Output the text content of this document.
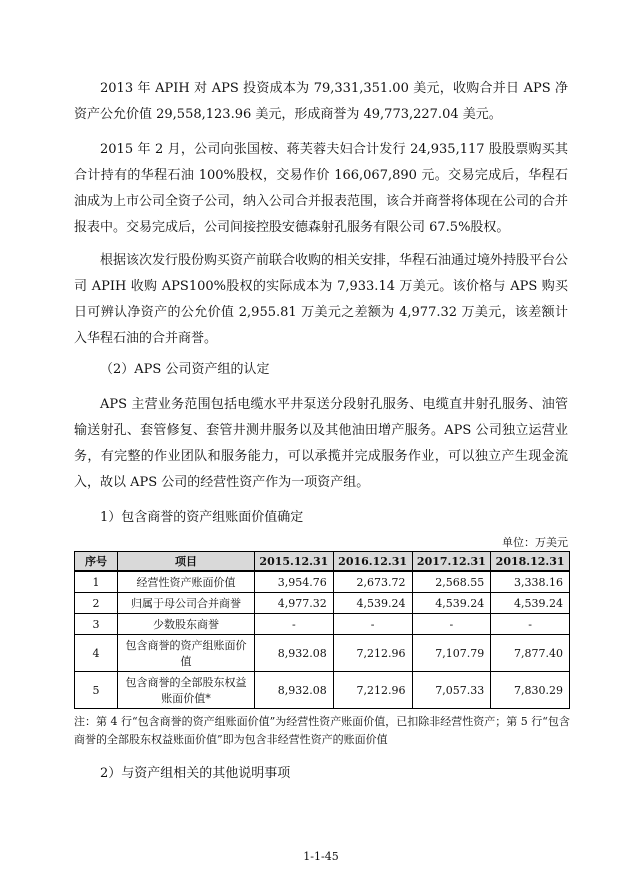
2013 年 APIH 对 APS 投资成本为 79,331,351.00 美元，收购合并日 APS 净资产公允价值 29,558,123.96 美元，形成商誉为 49,773,227.04 美元。

2015 年 2 月，公司向张国桉、蒋芙蓉夫妇合计发行 24,935,117 股股票购买其合计持有的华程石油 100%股权，交易作价 166,067,890 元。交易完成后，华程石油成为上市公司全资子公司，纳入公司合并报表范围，该合并商誉将体现在公司的合并报表中。交易完成后，公司间接控股安德森射孔服务有限公司 67.5%股权。

根据该次发行股份购买资产前联合收购的相关安排，华程石油通过境外持股平台公司 APIH 收购 APS100%股权的实际成本为 7,933.14 万美元。该价格与 APS 购买日可辨认净资产的公允价值 2,955.81 万美元之差额为 4,977.32 万美元，该差额计入华程石油的合并商誉。

（2）APS 公司资产组的认定

APS 主营业务范围包括电缆水平井泵送分段射孔服务、电缆直井射孔服务、油管输送射孔、套管修复、套管井测井服务以及其他油田增产服务。APS 公司独立运营业务，有完整的作业团队和服务能力，可以承揽并完成服务作业，可以独立产生现金流入，故以 APS 公司的经营性资产作为一项资产组。

1）包含商誉的资产组账面价值确定

单位：万美元
序号	项目	2015.12.31	2016.12.31	2017.12.31	2018.12.31
1	经营性资产账面价值	3,954.76	2,673.72	2,568.55	3,338.16
2	归属于母公司合并商誉	4,977.32	4,539.24	4,539.24	4,539.24
3	少数股东商誉	-	-	-	-
4	包含商誉的资产组账面价值	8,932.08	7,212.96	7,107.79	7,877.40
5	包含商誉的全部股东权益账面价值*	8,932.08	7,212.96	7,057.33	7,830.29

注：第 4 行“包含商誉的资产组账面价值”为经营性资产账面价值，已扣除非经营性资产；第 5 行“包含商誉的全部股东权益账面价值”即为包含非经营性资产的账面价值

2）与资产组相关的其他说明事项

1-1-45
